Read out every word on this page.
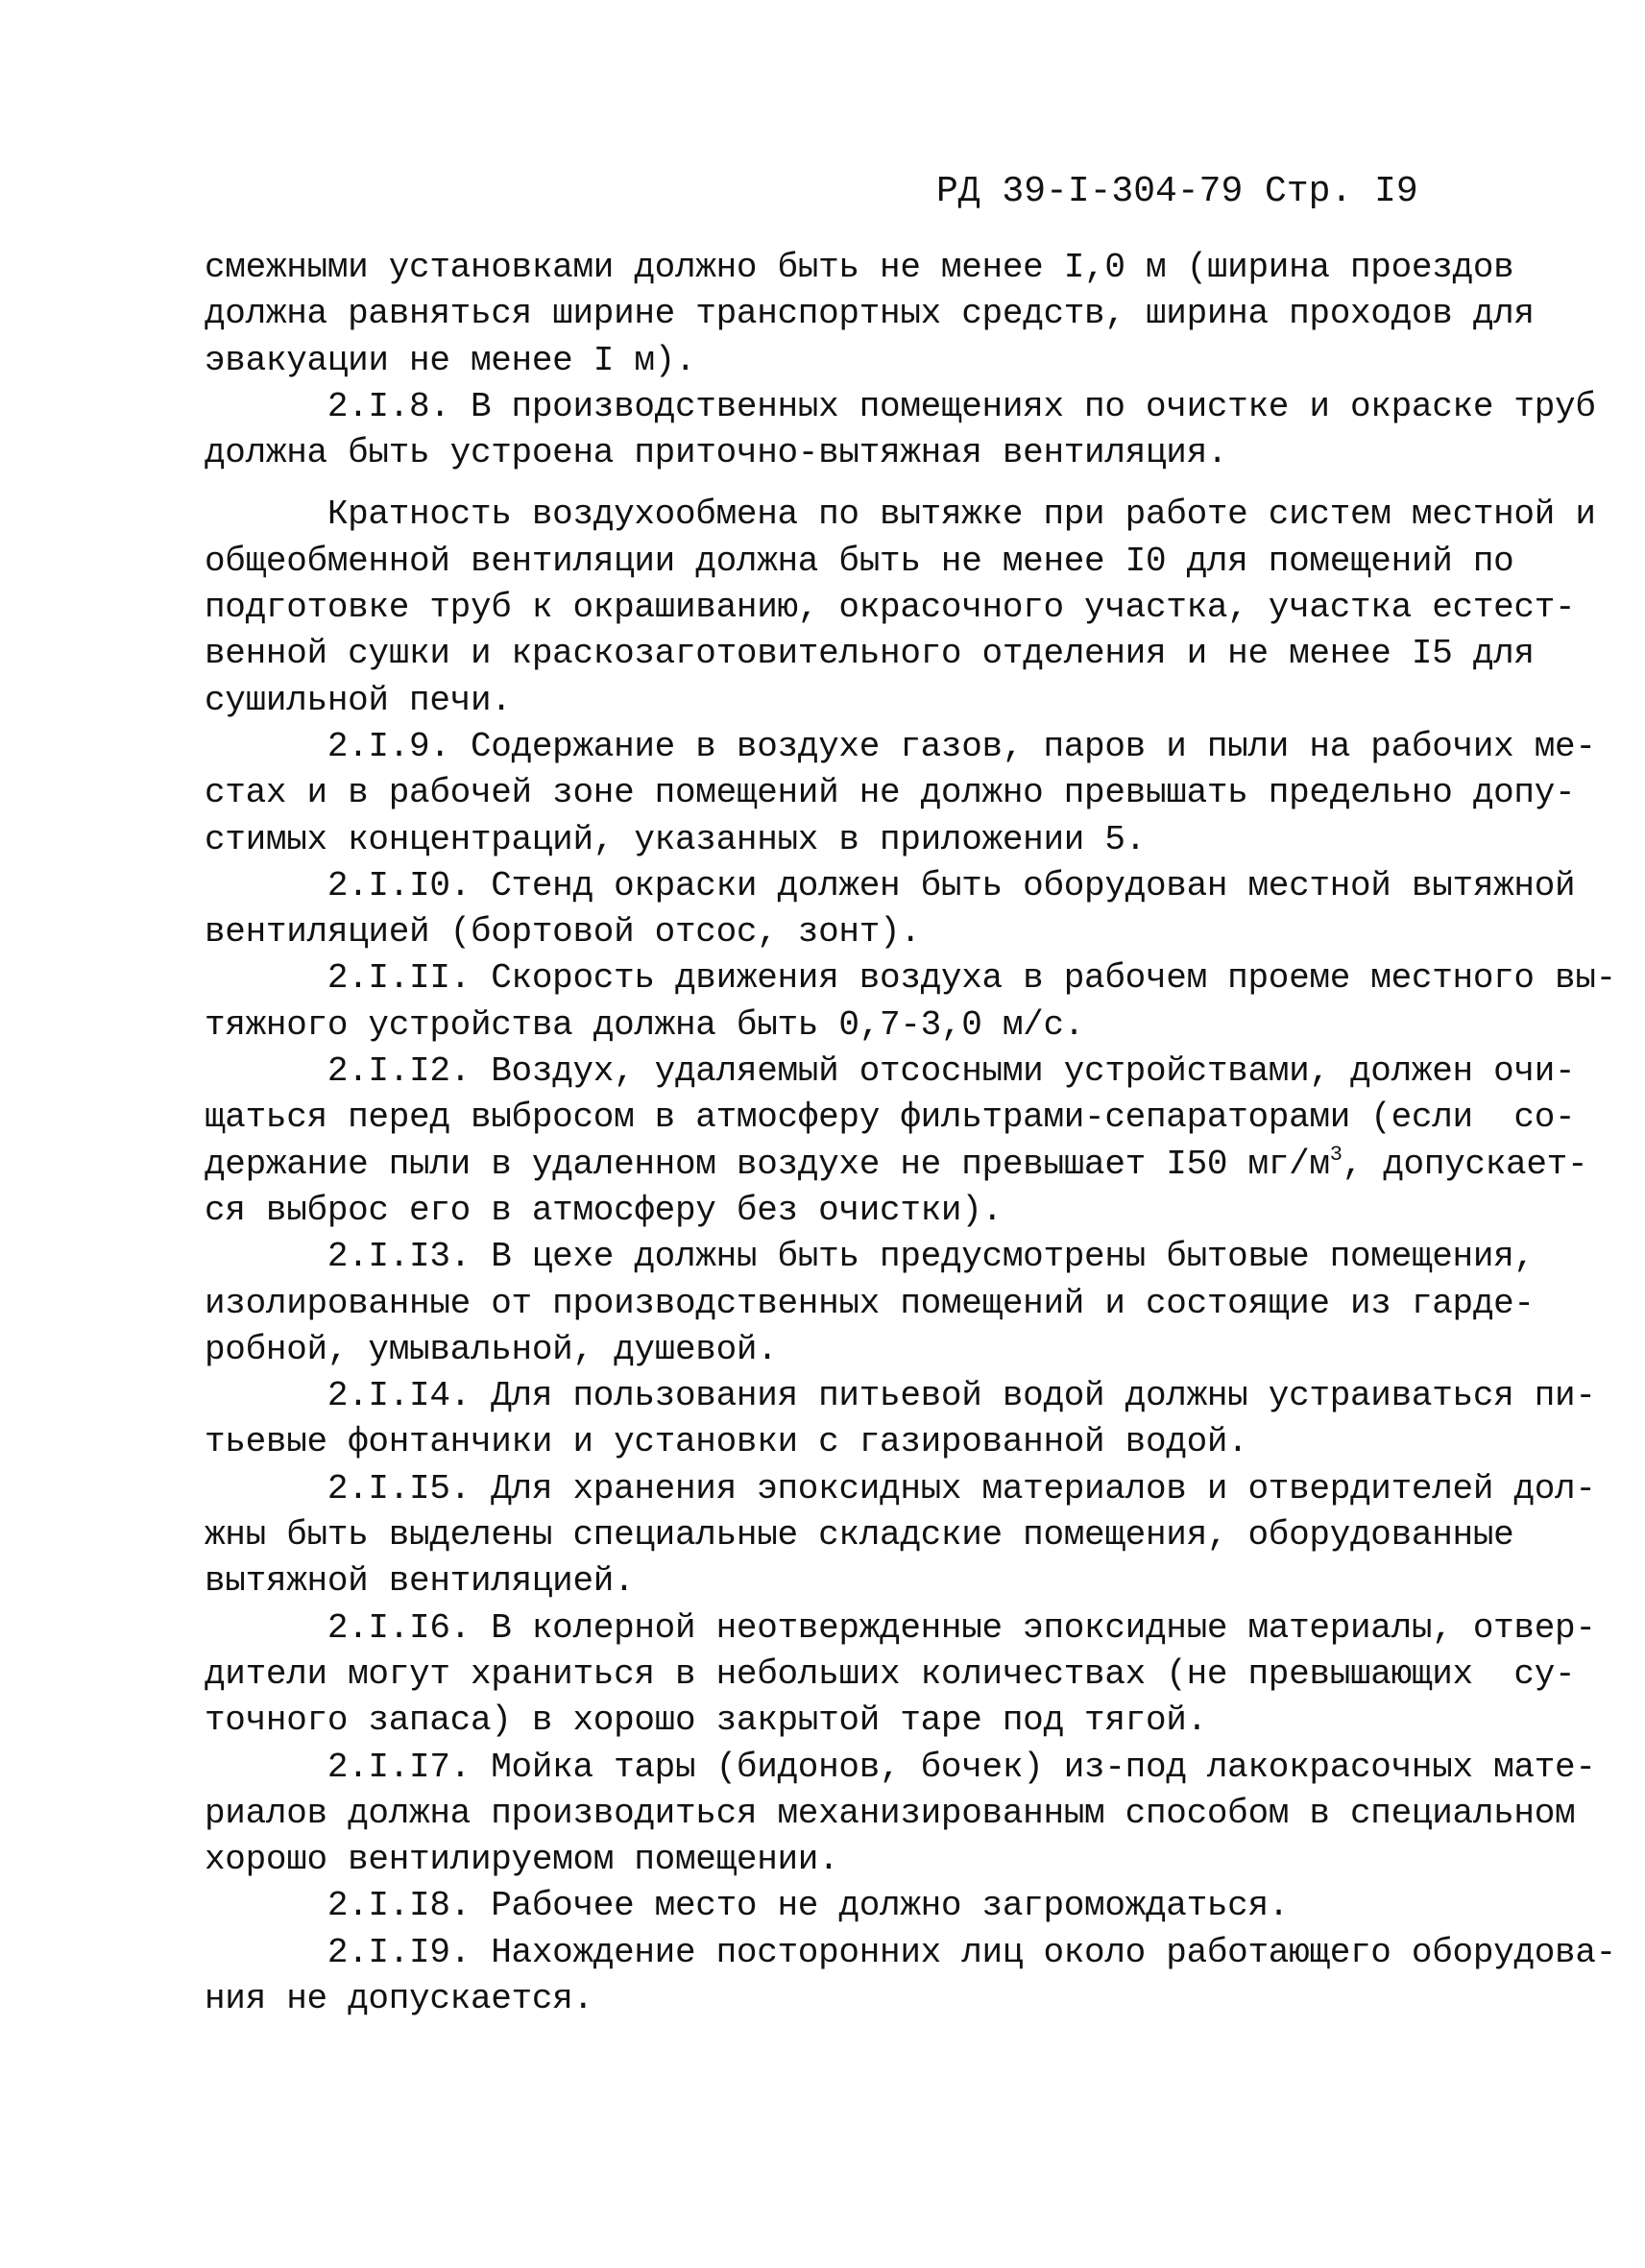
РД 39-I-304-79 Стр. I9
смежными установками должно быть не менее I,0 м (ширина проездов
должна равняться ширине транспортных средств, ширина проходов для
эвакуации не менее I м).
2.I.8. В производственных помещениях по очистке и окраске труб
должна быть устроена приточно-вытяжная вентиляция.
Кратность воздухообмена по вытяжке при работе систем местной и
общеобменной вентиляции должна быть не менее I0 для помещений по
подготовке труб к окрашиванию, окрасочного участка, участка естест-
венной сушки и краскозаготовительного отделения и не менее I5 для
сушильной печи.
2.I.9. Содержание в воздухе газов, паров и пыли на рабочих ме-
стах и в рабочей зоне помещений не должно превышать предельно допу-
стимых концентраций, указанных в приложении 5.
2.I.I0. Стенд окраски должен быть оборудован местной вытяжной
вентиляцией (бортовой отсос, зонт).
2.I.II. Скорость движения воздуха в рабочем проеме местного вы-
тяжного устройства должна быть 0,7-3,0 м/с.
2.I.I2. Воздух, удаляемый отсосными устройствами, должен очи-
щаться перед выбросом в атмосферу фильтрами-сепараторами (если  со-
держание пыли в удаленном воздухе не превышает I50 $мг/м^3$, допускает-
ся выброс его в атмосферу без очистки).
2.I.I3. В цехе должны быть предусмотрены бытовые помещения,
изолированные от производственных помещений и состоящие из гарде-
робной, умывальной, душевой.
2.I.I4. Для пользования питьевой водой должны устраиваться пи-
тьевые фонтанчики и установки с газированной водой.
2.I.I5. Для хранения эпоксидных материалов и отвердителей дол-
жны быть выделены специальные складские помещения, оборудованные
вытяжной вентиляцией.
2.I.I6. В колерной неотвержденные эпоксидные материалы, отвер-
дители могут храниться в небольших количествах (не превышающих  су-
точного запаса) в хорошо закрытой таре под тягой.
2.I.I7. Мойка тары (бидонов, бочек) из-под лакокрасочных мате-
риалов должна производиться механизированным способом в специальном
хорошо вентилируемом помещении.
2.I.I8. Рабочее место не должно загромождаться.
2.I.I9. Нахождение посторонних лиц около работающего оборудова-
ния не допускается.
